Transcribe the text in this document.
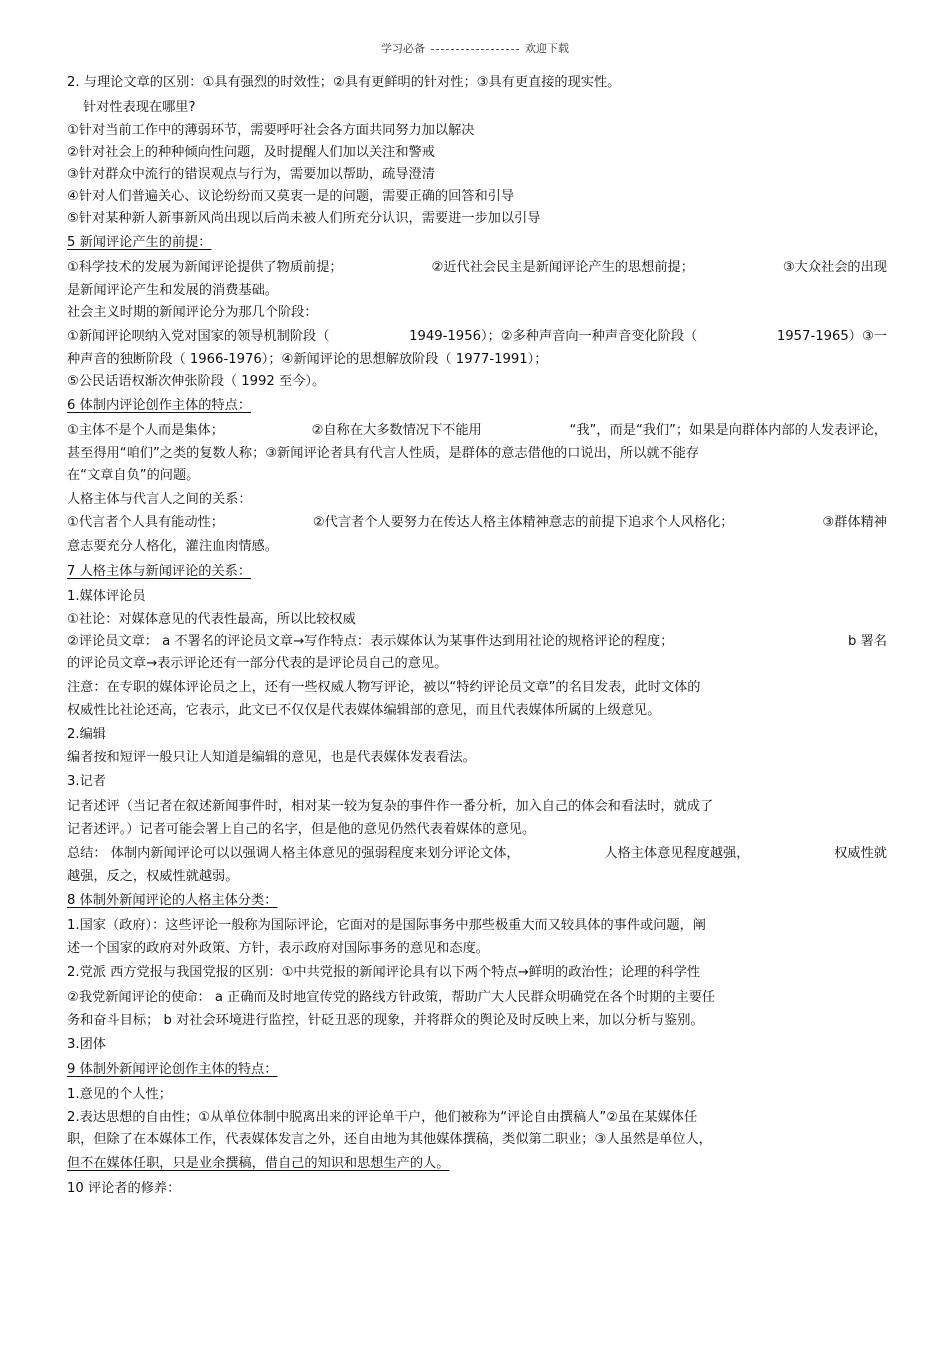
学习必备	欢迎下载
2. 与理论文章的区别：①具有强烈的时效性；②具有更鲜明的针对性；③具有更直接的现实性。
针对性表现在哪里?
①针对当前工作中的薄弱环节，需要呼吁社会各方面共同努力加以解决
②针对社会上的种种倾向性问题，及时提醒人们加以关注和警戒
③针对群众中流行的错误观点与行为，需要加以帮助，疏导澄清
④针对人们普遍关心、议论纷纷而又莫衷一是的问题，需要正确的回答和引导
⑤针对某种新人新事新风尚出现以后尚未被人们所充分认识，需要进一步加以引导
5 新闻评论产生的前提：
①科学技术的发展为新闻评论提供了物质前提；	②近代社会民主是新闻评论产生的思想前提；	③大众社会的出现
是新闻评论产生和发展的消费基础。
社会主义时期的新闻评论分为那几个阶段：
①新闻评论呗纳入党对国家的领导机制阶段（	1949-1956）；②多种声音向一种声音变化阶段（	1957-1965）③一
种声音的独断阶段（ 1966-1976）；④新闻评论的思想解放阶段（ 1977-1991）；
⑤公民话语权渐次伸张阶段（ 1992 至今）。
6 体制内评论创作主体的特点：
①主体不是个人而是集体；	②自称在大多数情况下不能用	“我”，而是“我们”；如果是向群体内部的人发表评论，
甚至得用“咱们”之类的复数人称；③新闻评论者具有代言人性质，是群体的意志借他的口说出，所以就不能存
在“文章自负”的问题。
人格主体与代言人之间的关系：
①代言者个人具有能动性；	②代言者个人要努力在传达人格主体精神意志的前提下追求个人风格化；	③群体精神
意志要充分人格化，灌注血肉情感。
7 人格主体与新闻评论的关系：
1.媒体评论员
①社论：对媒体意见的代表性最高，所以比较权威
②评论员文章： a 不署名的评论员文章→写作特点：表示媒体认为某事件达到用社论的规格评论的程度；	b 署名
的评论员文章→表示评论还有一部分代表的是评论员自己的意见。
注意：在专职的媒体评论员之上，还有一些权威人物写评论，被以“特约评论员文章”的名目发表，此时文体的
权威性比社论还高，它表示，此文已不仅仅是代表媒体编辑部的意见，而且代表媒体所属的上级意见。
2.编辑
编者按和短评一般只让人知道是编辑的意见，也是代表媒体发表看法。
3.记者
记者述评（当记者在叙述新闻事件时，相对某一较为复杂的事件作一番分析，加入自己的体会和看法时，就成了
记者述评。）记者可能会署上自己的名字，但是他的意见仍然代表着媒体的意见。
总结： 体制内新闻评论可以以强调人格主体意见的强弱程度来划分评论文体，	人格主体意见程度越强，	权威性就
越强，反之，权威性就越弱。
8 体制外新闻评论的人格主体分类：
1.国家（政府）：这些评论一般称为国际评论，它面对的是国际事务中那些极重大而又较具体的事件或问题，阐
述一个国家的政府对外政策、方针，表示政府对国际事务的意见和态度。
2.党派 西方党报与我国党报的区别：①中共党报的新闻评论具有以下两个特点→鲜明的政治性；论理的科学性
②我党新闻评论的使命： a 正确而及时地宣传党的路线方针政策，帮助广大人民群众明确党在各个时期的主要任
务和奋斗目标； b 对社会环境进行监控，针砭丑恶的现象，并将群众的舆论及时反映上来，加以分析与鉴别。
3.团体
9 体制外新闻评论创作主体的特点：
1.意见的个人性；
2.表达思想的自由性；①从单位体制中脱离出来的评论单干户，他们被称为“评论自由撰稿人”②虽在某媒体任
职，但除了在本媒体工作，代表媒体发言之外，还自由地为其他媒体撰稿，类似第二职业；③人虽然是单位人，
但不在媒体任职，只是业余撰稿，借自己的知识和思想生产的人。
10 评论者的修养：
